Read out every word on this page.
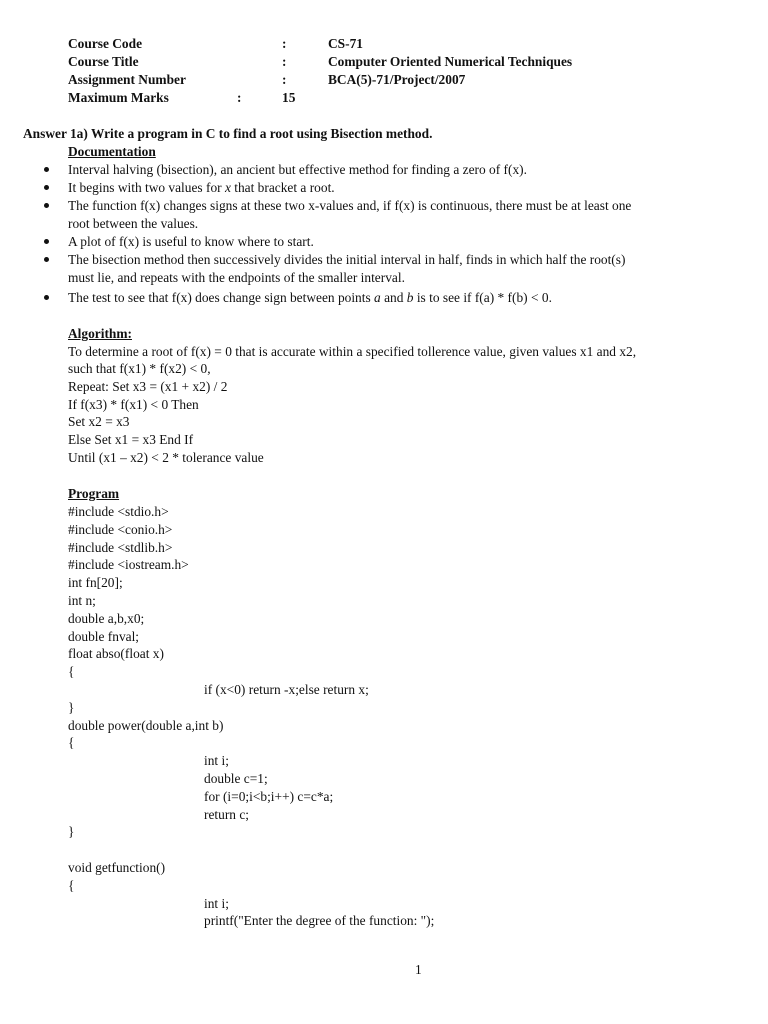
Course Code	:	CS-71
Course Title	:	Computer Oriented Numerical Techniques
Assignment Number	:	BCA(5)-71/Project/2007
Maximum Marks	:	15
Answer 1a) Write a program in C to find a root using Bisection method.
Documentation
Interval halving (bisection), an ancient but effective method for finding a zero of f(x).
It begins with two values for x that bracket a root.
The function f(x) changes signs at these two x-values and, if f(x) is continuous, there must be at least one
root between the values.
A plot of f(x) is useful to know where to start.
The bisection method then successively divides the initial interval in half, finds in which half the root(s)
must lie, and repeats with the endpoints of the smaller interval.
The test to see that f(x) does change sign between points a and b is to see if f(a) * f(b) < 0.
Algorithm:
To determine a root of f(x) = 0 that is accurate within a specified tollerence value, given values x1 and x2,
such that f(x1) * f(x2) < 0,
Repeat: Set x3 = (x1 + x2) / 2
If f(x3) * f(x1) < 0 Then
Set x2 = x3
Else Set x1 = x3 End If
Until (x1 – x2) < 2 * tolerance value
Program
#include <stdio.h>
#include <conio.h>
#include <stdlib.h>
#include <iostream.h>
int fn[20];
int n;
double a,b,x0;
double fnval;
float abso(float x)
{
if (x<0) return -x;else return x;
}
double power(double a,int b)
{
int i;
double c=1;
for (i=0;i<b;i++) c=c*a;
return c;
}
void getfunction()
{
int i;
printf("Enter the degree of the function: ");
1
